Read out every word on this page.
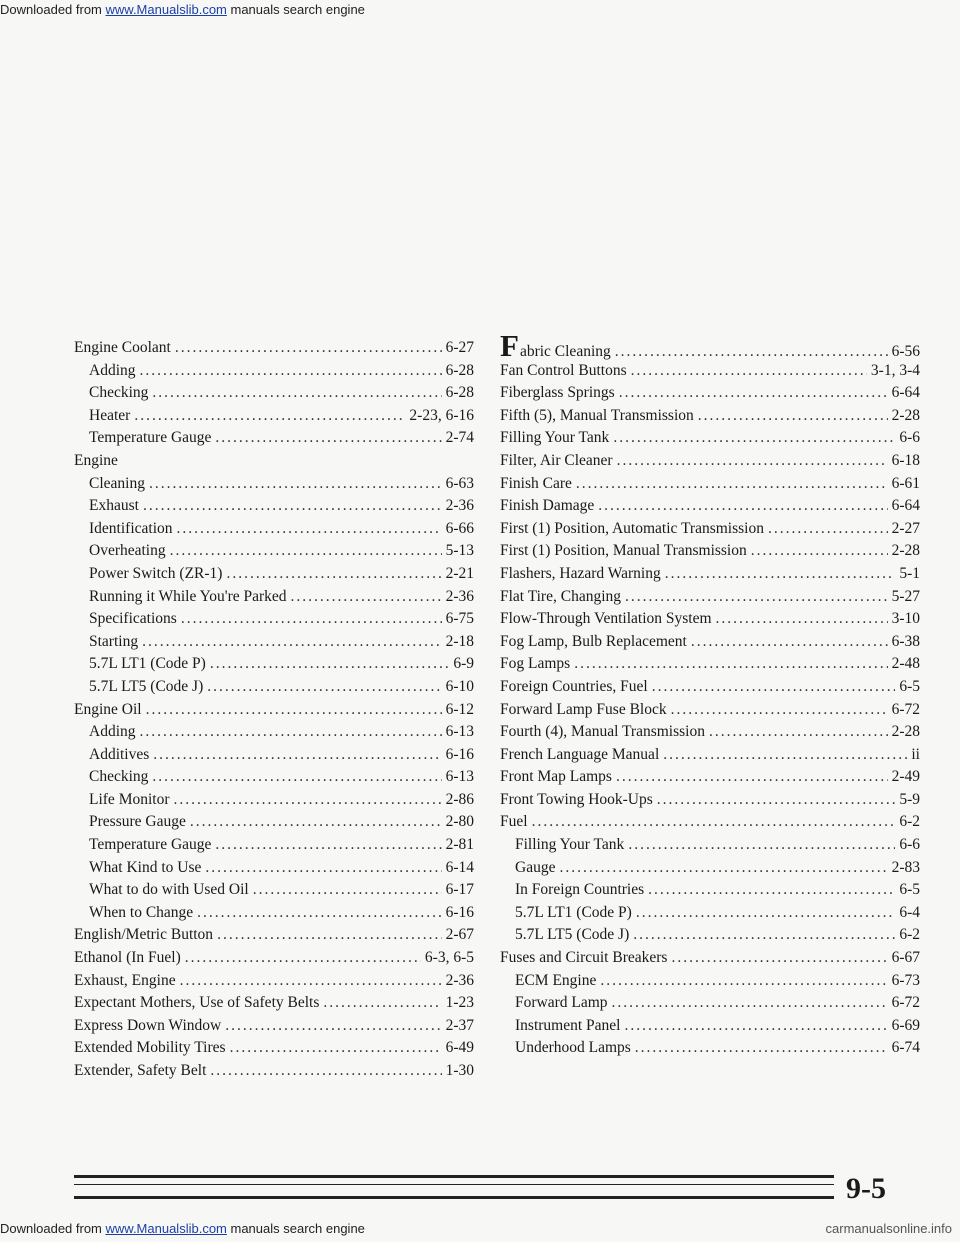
Downloaded from www.Manualslib.com manuals search engine
Engine Coolant .....	6-27
Adding .....	6-28
Checking .....	6-28
Heater .....	2-23, 6-16
Temperature Gauge .....	2-74
Engine
Cleaning .....	6-63
Exhaust .....	2-36
Identification .....	6-66
Overheating .....	5-13
Power Switch (ZR-1) .....	2-21
Running it While You're Parked .....	2-36
Specifications .....	6-75
Starting .....	2-18
5.7L LT1 (Code P) .....	6-9
5.7L LT5 (Code J) .....	6-10
Engine Oil .....	6-12
Adding .....	6-13
Additives .....	6-16
Checking .....	6-13
Life Monitor .....	2-86
Pressure Gauge .....	2-80
Temperature Gauge .....	2-81
What Kind to Use .....	6-14
What to do with Used Oil .....	6-17
When to Change .....	6-16
English/Metric Button .....	2-67
Ethanol (In Fuel) .....	6-3, 6-5
Exhaust, Engine .....	2-36
Expectant Mothers, Use of Safety Belts .....	1-23
Express Down Window .....	2-37
Extended Mobility Tires .....	6-49
Extender, Safety Belt .....	1-30
Fabric Cleaning .....	6-56
Fan Control Buttons .....	3-1, 3-4
Fiberglass Springs .....	6-64
Fifth (5), Manual Transmission .....	2-28
Filling Your Tank .....	6-6
Filter, Air Cleaner .....	6-18
Finish Care .....	6-61
Finish Damage .....	6-64
First (1) Position, Automatic Transmission .....	2-27
First (1) Position, Manual Transmission .....	2-28
Flashers, Hazard Warning .....	5-1
Flat Tire, Changing .....	5-27
Flow-Through Ventilation System .....	3-10
Fog Lamp, Bulb Replacement .....	6-38
Fog Lamps .....	2-48
Foreign Countries, Fuel .....	6-5
Forward Lamp Fuse Block .....	6-72
Fourth (4), Manual Transmission .....	2-28
French Language Manual .....	ii
Front Map Lamps .....	2-49
Front Towing Hook-Ups .....	5-9
Fuel .....	6-2
Filling Your Tank .....	6-6
Gauge .....	2-83
In Foreign Countries .....	6-5
5.7L LT1 (Code P) .....	6-4
5.7L LT5 (Code J) .....	6-2
Fuses and Circuit Breakers .....	6-67
ECM Engine .....	6-73
Forward Lamp .....	6-72
Instrument Panel .....	6-69
Underhood Lamps .....	6-74
9-5
Downloaded from www.Manualslib.com manuals search engine	carmanualsonline.info
